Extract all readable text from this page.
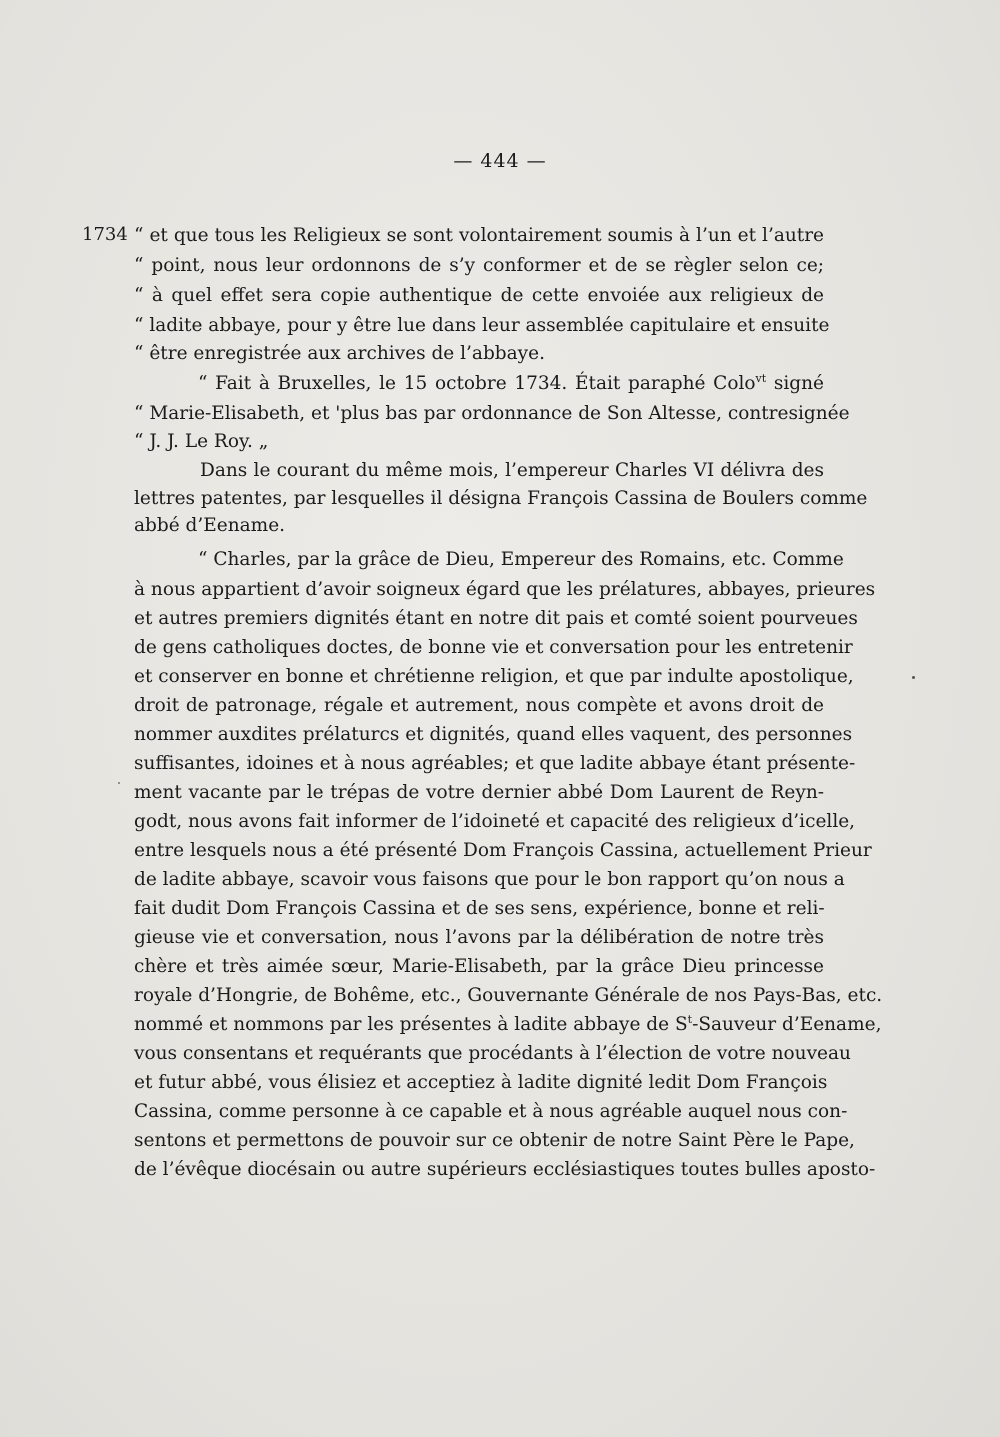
— 444 —
1734 “ et que tous les Religieux se sont volontairement soumis à l’un et l’autre
“ point, nous leur ordonnons de s’y conformer et de se règler selon ce;
“ à quel effet sera copie authentique de cette envoiée aux religieux de
“ ladite abbaye, pour y être lue dans leur assemblée capitulaire et ensuite
“ être enregistrée aux archives de l’abbaye.
“ Fait à Bruxelles, le 15 octobre 1734. Était paraphé Colo$^{vt}$ signé
“ Marie-Elisabeth, et 'plus bas par ordonnance de Son Altesse, contresignée
“ J. J. Le Roy. „
Dans le courant du même mois, l’empereur Charles VI délivra des
lettres patentes, par lesquelles il désigna François Cassina de Boulers comme
abbé d’Eename.
“ Charles, par la grâce de Dieu, Empereur des Romains, etc. Comme
à nous appartient d’avoir soigneux égard que les prélatures, abbayes, prieures
et autres premiers dignités étant en notre dit pais et comté soient pourveues
de gens catholiques doctes, de bonne vie et conversation pour les entretenir
et conserver en bonne et chrétienne religion, et que par indulte apostolique,
droit de patronage, régale et autrement, nous compète et avons droit de
nommer auxdites prélaturcs et dignités, quand elles vaquent, des personnes
suffisantes, idoines et à nous agréables; et que ladite abbaye étant présente-
ment vacante par le trépas de votre dernier abbé Dom Laurent de Reyn-
godt, nous avons fait informer de l’idoineté et capacité des religieux d’icelle,
entre lesquels nous a été présenté Dom François Cassina, actuellement Prieur
de ladite abbaye, scavoir vous faisons que pour le bon rapport qu’on nous a
fait dudit Dom François Cassina et de ses sens, expérience, bonne et reli-
gieuse vie et conversation, nous l’avons par la délibération de notre très
chère et très aimée sœur, Marie-Elisabeth, par la grâce Dieu princesse
royale d’Hongrie, de Bohême, etc., Gouvernante Générale de nos Pays-Bas, etc.
nommé et nommons par les présentes à ladite abbaye de $S^t$-Sauveur d’Eename,
vous consentans et requérants que procédants à l’élection de votre nouveau
et futur abbé, vous élisiez et acceptiez à ladite dignité ledit Dom François
Cassina, comme personne à ce capable et à nous agréable auquel nous con-
sentons et permettons de pouvoir sur ce obtenir de notre Saint Père le Pape,
de l’évêque diocésain ou autre supérieurs ecclésiastiques toutes bulles aposto-
